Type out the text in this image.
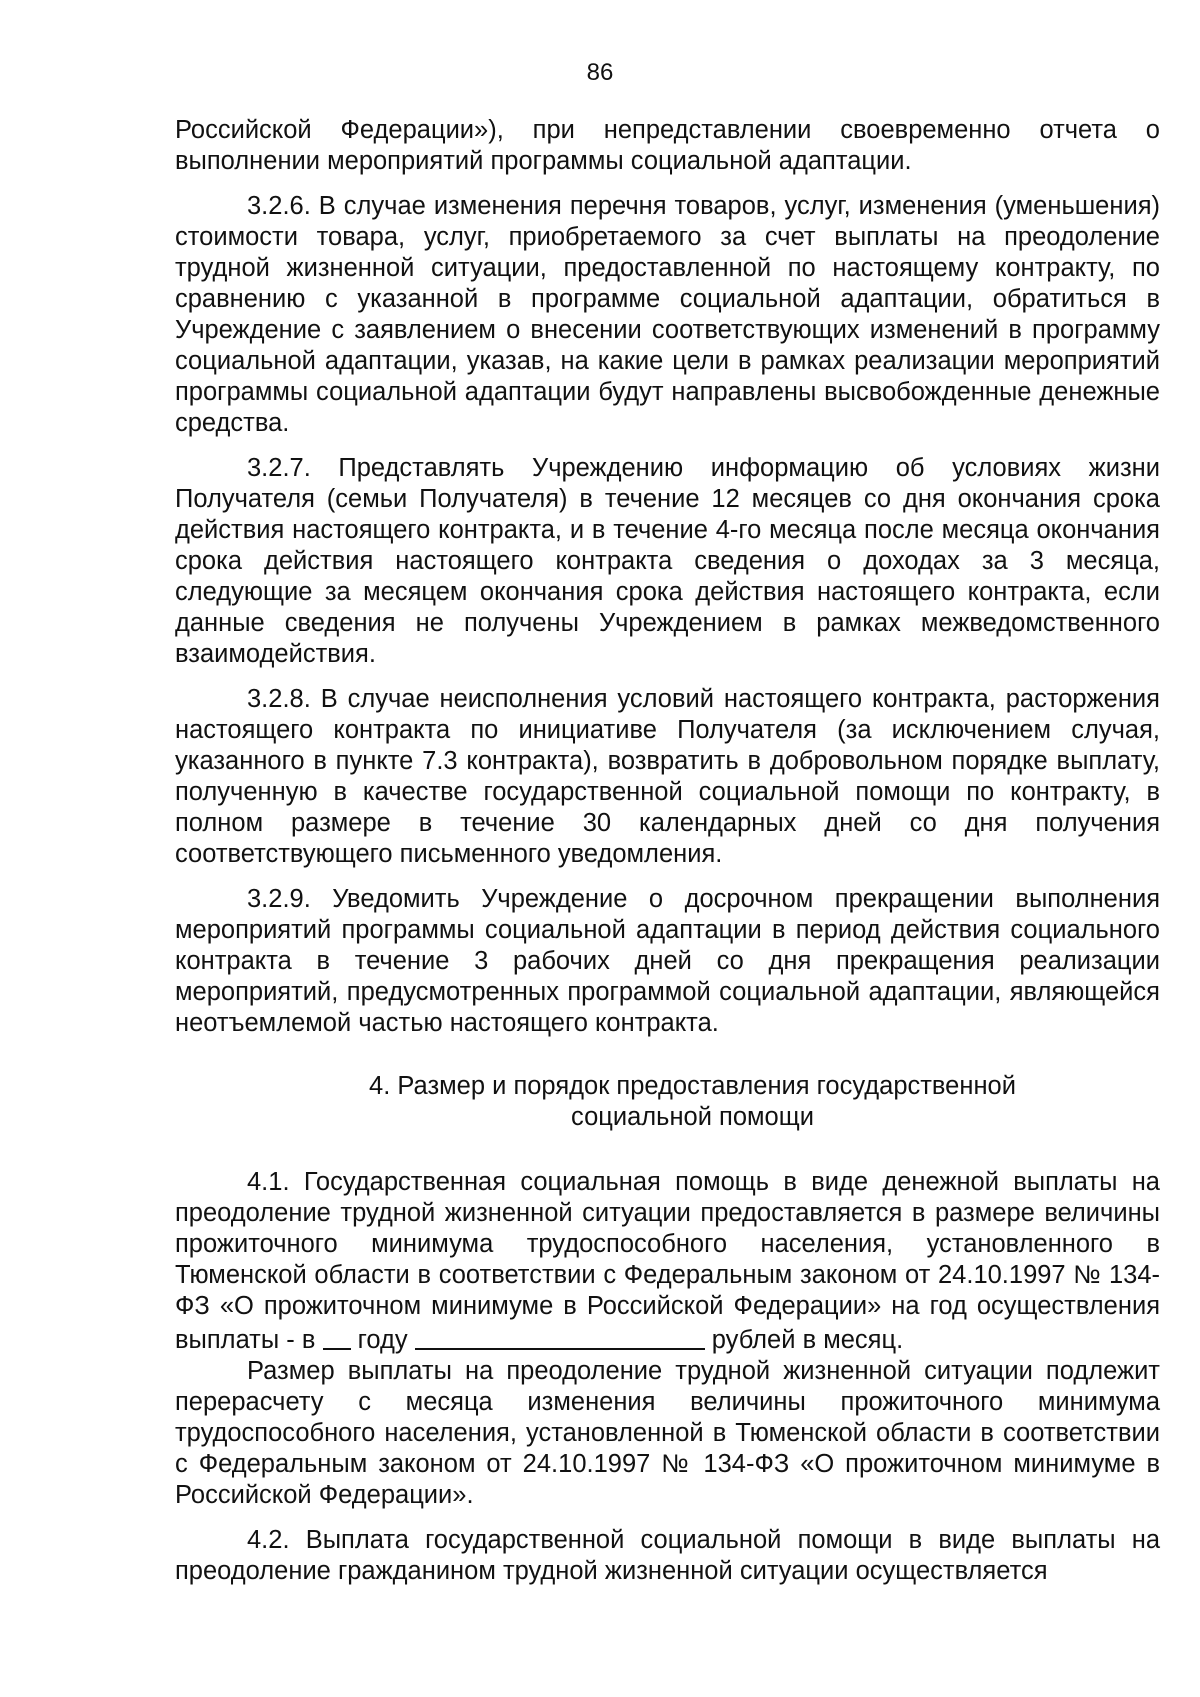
86

Российской Федерации»), при непредставлении своевременно отчета о выполнении мероприятий программы социальной адаптации.

3.2.6. В случае изменения перечня товаров, услуг, изменения (уменьшения) стоимости товара, услуг, приобретаемого за счет выплаты на преодоление трудной жизненной ситуации, предоставленной по настоящему контракту, по сравнению с указанной в программе социальной адаптации, обратиться в Учреждение с заявлением о внесении соответствующих изменений в программу социальной адаптации, указав, на какие цели в рамках реализации мероприятий программы социальной адаптации будут направлены высвобожденные денежные средства.

3.2.7. Представлять Учреждению информацию об условиях жизни Получателя (семьи Получателя) в течение 12 месяцев со дня окончания срока действия настоящего контракта, и в течение 4-го месяца после месяца окончания срока действия настоящего контракта сведения о доходах за 3 месяца, следующие за месяцем окончания срока действия настоящего контракта, если данные сведения не получены Учреждением в рамках межведомственного взаимодействия.

3.2.8. В случае неисполнения условий настоящего контракта, расторжения настоящего контракта по инициативе Получателя (за исключением случая, указанного в пункте 7.3 контракта), возвратить в добровольном порядке выплату, полученную в качестве государственной социальной помощи по контракту, в полном размере в течение 30 календарных дней со дня получения соответствующего письменного уведомления.

3.2.9. Уведомить Учреждение о досрочном прекращении выполнения мероприятий программы социальной адаптации в период действия социального контракта в течение 3 рабочих дней со дня прекращения реализации мероприятий, предусмотренных программой социальной адаптации, являющейся неотъемлемой частью настоящего контракта.

4. Размер и порядок предоставления государственной
социальной помощи

4.1. Государственная социальная помощь в виде денежной выплаты на преодоление трудной жизненной ситуации предоставляется в размере величины прожиточного минимума трудоспособного населения, установленного в Тюменской области в соответствии с Федеральным законом от 24.10.1997 № 134-ФЗ «О прожиточном минимуме в Российской Федерации» на год осуществления выплаты - в году	рублей в месяц.

Размер выплаты на преодоление трудной жизненной ситуации подлежит перерасчету с месяца изменения величины прожиточного минимума трудоспособного населения, установленной в Тюменской области в соответствии с Федеральным законом от 24.10.1997 № 134-ФЗ «О прожиточном минимуме в Российской Федерации».

4.2. Выплата государственной социальной помощи в виде выплаты на преодоление гражданином трудной жизненной ситуации осуществляется
